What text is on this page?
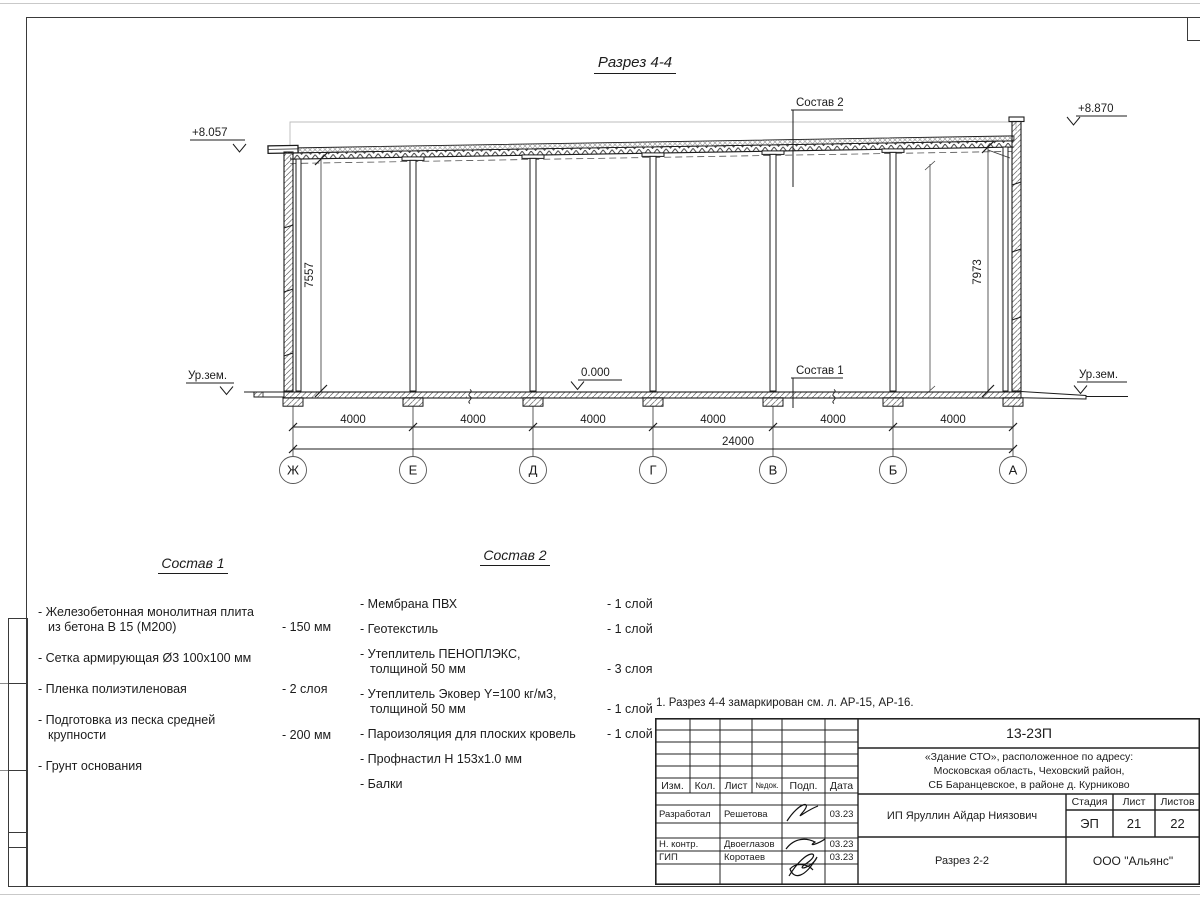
4000	4000	4000	4000	4000	4000
24000
Ж	Е	Д	Г	В	Б	А
7557	7973
Состав 2
Состав 1
+8.057
+8.870
0.000
Ур.зем.	Ур.зем.
Разрез 4-4
Состав 1
- Железобетонная монолитная плита
из бетона В 15 (М200)	- 150 мм
- Сетка армирующая Ø3 100х100 мм
- Пленка полиэтиленовая	- 2 слоя
- Подготовка из песка средней
крупности	- 200 мм
- Грунт основания
Состав 2
- Мембрана ПВХ	- 1 слой
- Геотекстиль	- 1 слой
- Утеплитель ПЕНОПЛЭКС,
толщиной 50 мм	- 3 слоя
- Утеплитель Эковер Y=100 кг/м3,
толщиной 50 мм	- 1 слой
- Пароизоляция для плоских кровель	- 1 слой
- Профнастил Н 153х1.0 мм
- Балки
1. Разрез 4-4 замаркирован см. л. АР-15, АР-16.
13-23П
«Здание СТО», расположенное по адресу:
Московская область, Чеховский район,
СБ Баранцевское, в районе д. Курниково
Изм.	Кол. Лист №док.	Подп.	Дата
Разработал	Решетова	03.23
Н. контр.	Двоеглазов	03.23
ГИП	Коротаев	03.23
ИП Яруллин Айдар Ниязович
Стадия	Лист	Листов
ЭП	21	22
Разрез 2-2	ООО "Альянс"
